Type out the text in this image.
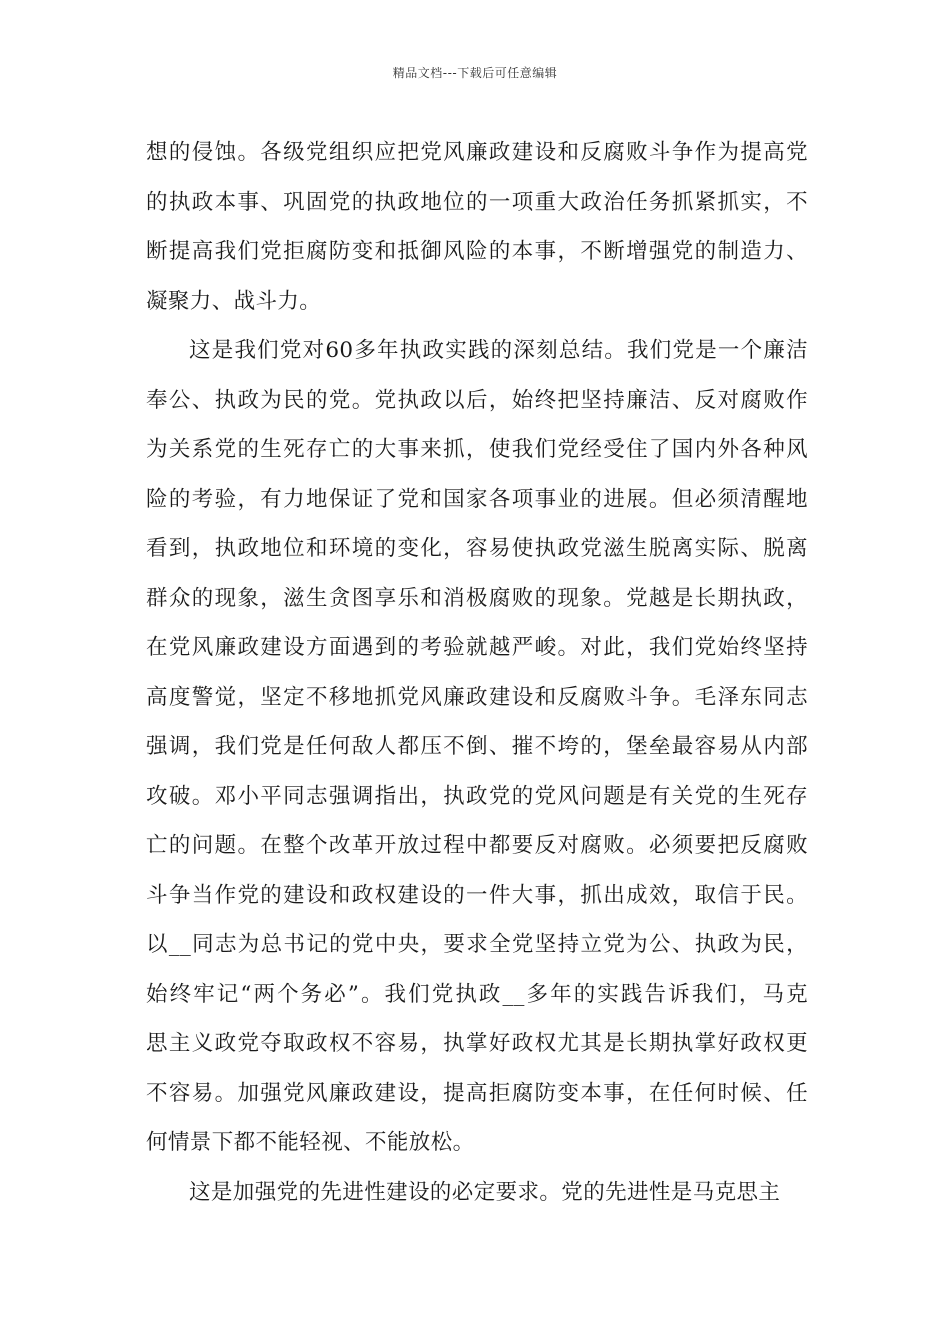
精品文档---下载后可任意编辑
想的侵蚀。各级党组织应把党风廉政建设和反腐败斗争作为提高党
的执政本事、巩固党的执政地位的一项重大政治任务抓紧抓实，不
断提高我们党拒腐防变和抵御风险的本事，不断增强党的制造力、
凝聚力、战斗力。
这是我们党对60多年执政实践的深刻总结。我们党是一个廉洁
奉公、执政为民的党。党执政以后，始终把坚持廉洁、反对腐败作
为关系党的生死存亡的大事来抓，使我们党经受住了国内外各种风
险的考验，有力地保证了党和国家各项事业的进展。但必须清醒地
看到，执政地位和环境的变化，容易使执政党滋生脱离实际、脱离
群众的现象，滋生贪图享乐和消极腐败的现象。党越是长期执政，
在党风廉政建设方面遇到的考验就越严峻。对此，我们党始终坚持
高度警觉，坚定不移地抓党风廉政建设和反腐败斗争。毛泽东同志
强调，我们党是任何敌人都压不倒、摧不垮的，堡垒最容易从内部
攻破。邓小平同志强调指出，执政党的党风问题是有关党的生死存
亡的问题。在整个改革开放过程中都要反对腐败。必须要把反腐败
斗争当作党的建设和政权建设的一件大事，抓出成效，取信于民。
以__同志为总书记的党中央，要求全党坚持立党为公、执政为民，
始终牢记“两个务必”。我们党执政__多年的实践告诉我们，马克
思主义政党夺取政权不容易，执掌好政权尤其是长期执掌好政权更
不容易。加强党风廉政建设，提高拒腐防变本事，在任何时候、任
何情景下都不能轻视、不能放松。
这是加强党的先进性建设的必定要求。党的先进性是马克思主
